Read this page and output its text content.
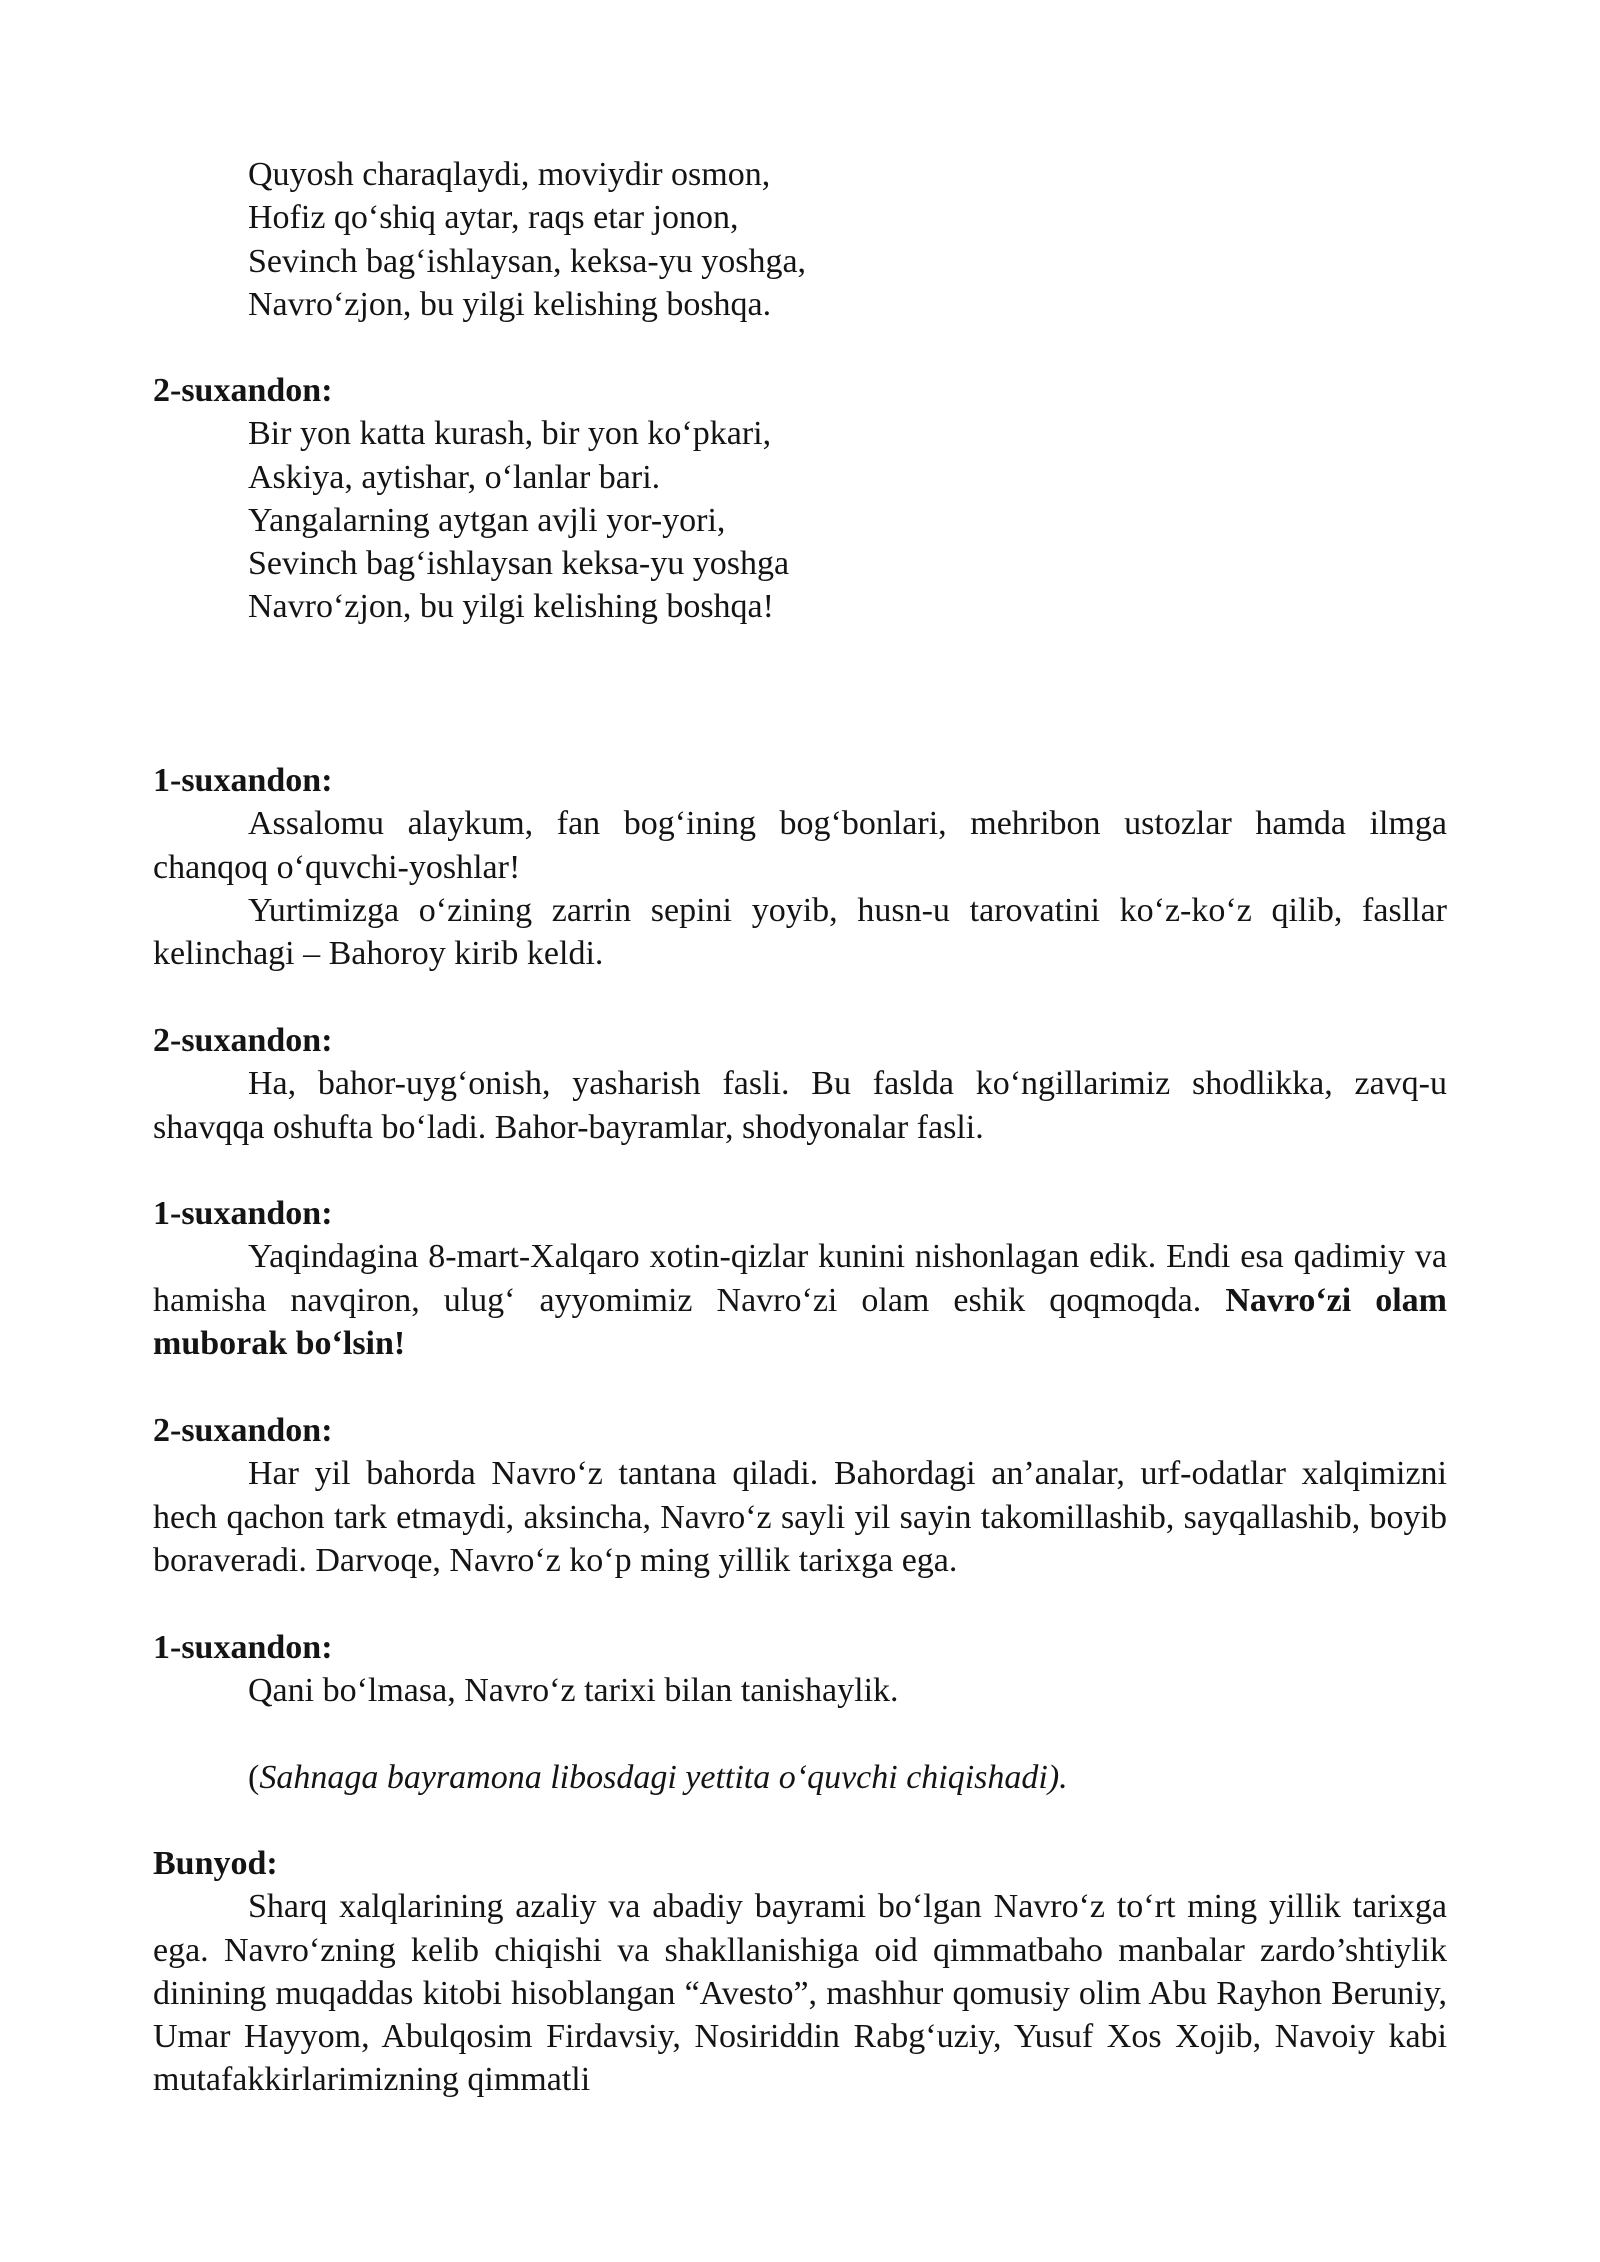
Quyosh charaqlaydi, moviydir osmon,
Hofiz qo‘shiq aytar, raqs etar jonon,
Sevinch bag‘ishlaysan, keksa-yu yoshga,
Navro‘zjon, bu yilgi kelishing boshqa.
2-suxandon:
Bir yon katta kurash, bir yon ko‘pkari,
Askiya, aytishar, o‘lanlar bari.
Yangalarning aytgan avjli yor-yori,
Sevinch bag‘ishlaysan keksa-yu yoshga
Navro‘zjon, bu yilgi kelishing boshqa!
1-suxandon:

Assalomu alaykum, fan bog‘ining bog‘bonlari, mehribon ustozlar hamda ilmga chanqoq o‘quvchi-yoshlar!

Yurtimizga o‘zining zarrin sepini yoyib, husn-u tarovatini ko‘z-ko‘z qilib, fasllar kelinchagi – Bahoroy kirib keldi.

2-suxandon:

Ha, bahor-uyg‘onish, yasharish fasli. Bu faslda ko‘ngillarimiz shodlikka, zavq-u shavqqa oshufta bo‘ladi. Bahor-bayramlar, shodyonalar fasli.

1-suxandon:

Yaqindagina 8-mart-Xalqaro xotin-qizlar kunini nishonlagan edik. Endi esa qadimiy va hamisha navqiron, ulug‘ ayyomimiz Navro‘zi olam eshik qoqmoqda. Navro‘zi olam muborak bo‘lsin!

2-suxandon:

Har yil bahorda Navro‘z tantana qiladi. Bahordagi an’analar, urf-odatlar xalqimizni hech qachon tark etmaydi, aksincha, Navro‘z sayli yil sayin takomillashib, sayqallashib, boyib boraveradi. Darvoqe, Navro‘z ko‘p ming yillik tarixga ega.

1-suxandon:

Qani bo‘lmasa, Navro‘z tarixi bilan tanishaylik.

(Sahnaga bayramona libosdagi yettita o‘quvchi chiqishadi).

Bunyod:

Sharq xalqlarining azaliy va abadiy bayrami bo‘lgan Navro‘z to‘rt ming yillik tarixga ega. Navro‘zning kelib chiqishi va shakllanishiga oid qimmatbaho manbalar zardo’shtiylik dinining muqaddas kitobi hisoblangan “Avesto”, mashhur qomusiy olim Abu Rayhon Beruniy, Umar Hayyom, Abulqosim Firdavsiy, Nosiriddin Rabg‘uziy, Yusuf Xos Xojib, Navoiy kabi mutafakkirlarimizning qimmatli
